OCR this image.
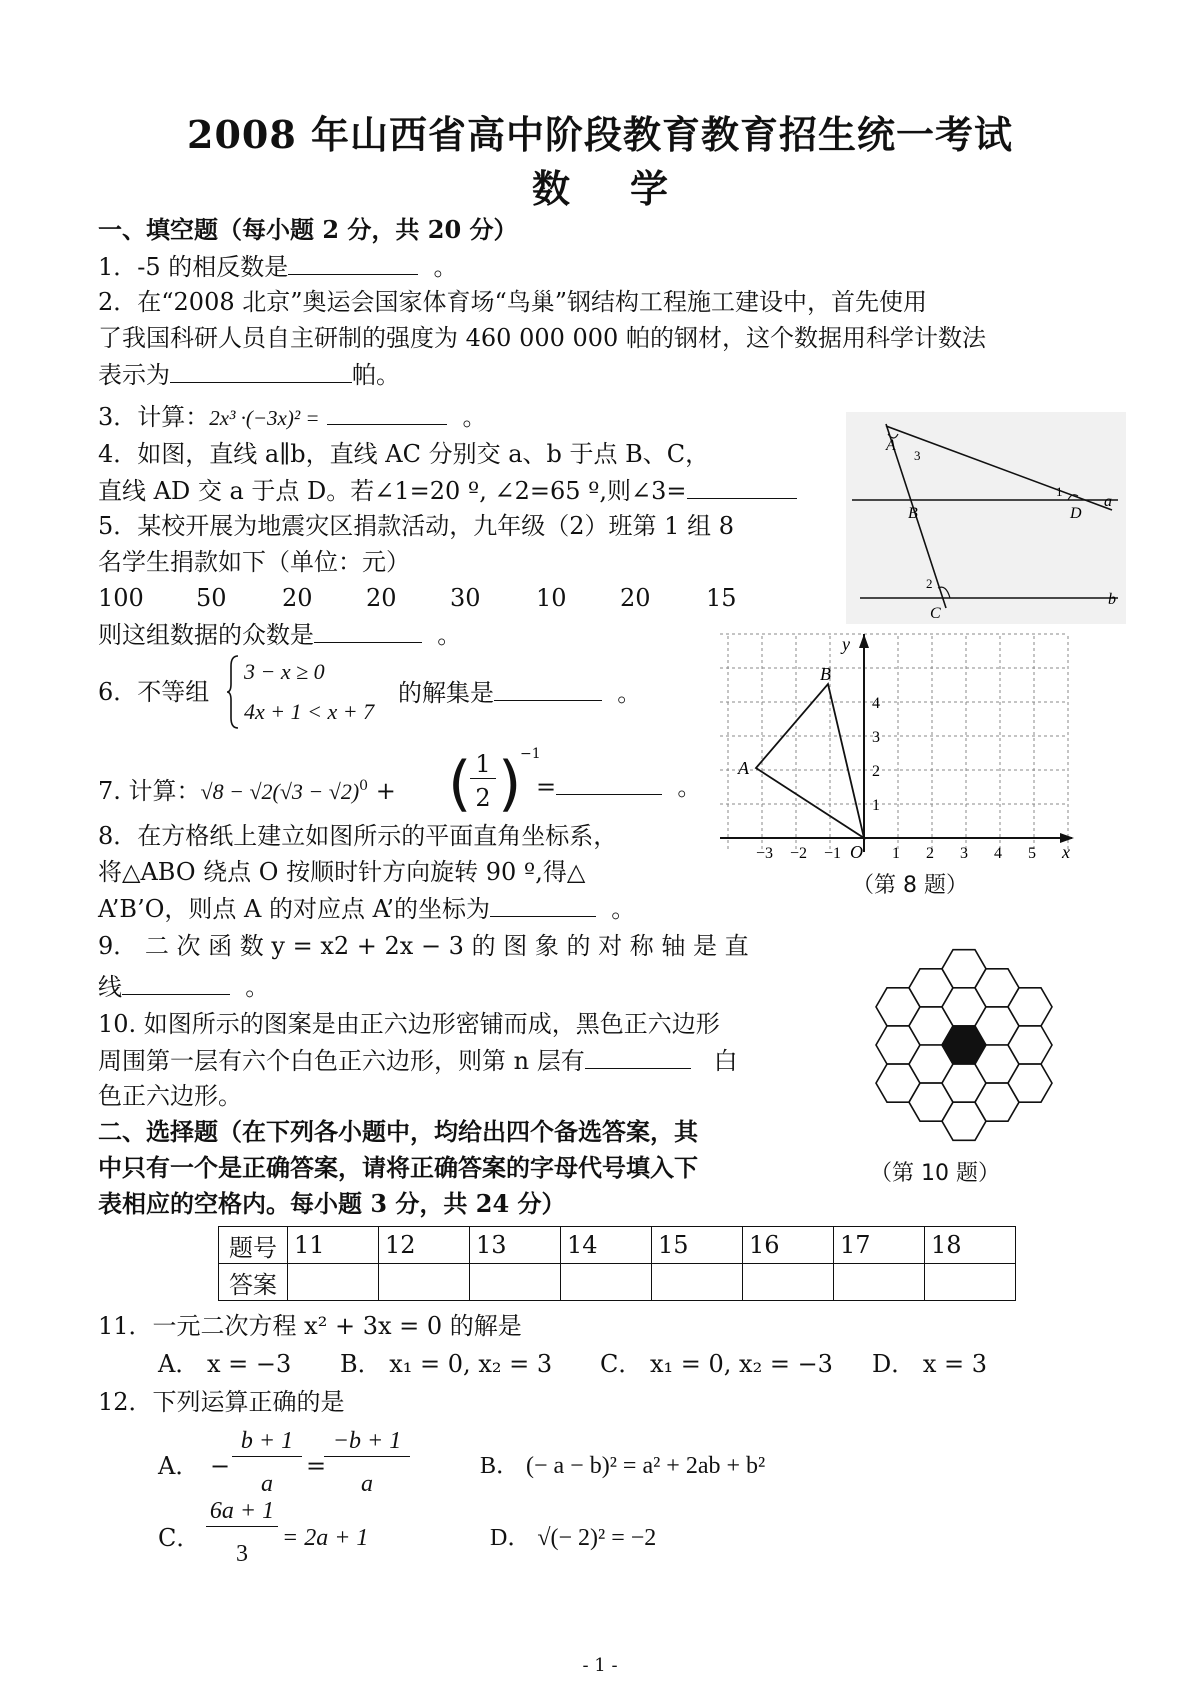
2008 年山西省高中阶段教育教育招生统一考试
数学
一、填空题（每小题 2 分，共 20 分）
1．-5 的相反数是	。
2．在“2008 北京”奥运会国家体育场“鸟巢”钢结构工程施工建设中，首先使用
了我国科研人员自主研制的强度为 460 000 000 帕的钢材，这个数据用科学计数法
表示为	帕。
3．计算：2x³ ·(−3x)² =	。
4．如图，直线 a∥b，直线 AC 分别交 a、b 于点 B、C，
直线 AD 交 a 于点 D。若∠1=20 º, ∠2=65 º,则∠3=
5．某校开展为地震灾区捐款活动，九年级（2）班第 1 组 8
名学生捐款如下（单位：元）
100 50 20 20 30 10 20 15
则这组数据的众数是	。
6．不等组
3 − x ≥ 0
4x + 1 < x + 7
的解集是	。
7. 计算：$√8 - √2(√3 - √2)^0$ + ( 1
2 )
−1
=	。
8．在方格纸上建立如图所示的平面直角坐标系，
将△ABO 绕点 O 按顺时针方向旋转 90 º,得△
A’B’O，则点 A 的对应点 A’的坐标为	。
9． 二 次 函 数 y = x2 + 2x − 3 的 图 象 的 对 称 轴 是 直
线	。
10. 如图所示的图案是由正六边形密铺而成，黑色正六边形
周围第一层有六个白色正六边形，则第 n 层有	白
色正六边形。
二、选择题（在下列各小题中，均给出四个备选答案，其
中只有一个是正确答案，请将正确答案的字母代号填入下
表相应的空格内。每小题 3 分，共 24 分）
题号	11	12	13	14	15	16	17	18
答案								
11．一元二次方程 x² + 3x = 0 的解是
A． x = −3 B． x₁ = 0, x₂ = 3 C． x₁ = 0, x₂ = −3 D． x = 3
12．下列运算正确的是
A． −
b + 1
a
=
−b + 1
a
B． (− a − b)² = a² + 2ab + b²
C．
6a + 1
3
= 2a + 1	D． √(− 2)² = −2
- 1 -
A
3
1
B	D
a
2
C
b
y
x
O
A
B
−3 −2 −1	1 2 3 4 5
1
2
3
4
（第 8 题）
（第 10 题）
